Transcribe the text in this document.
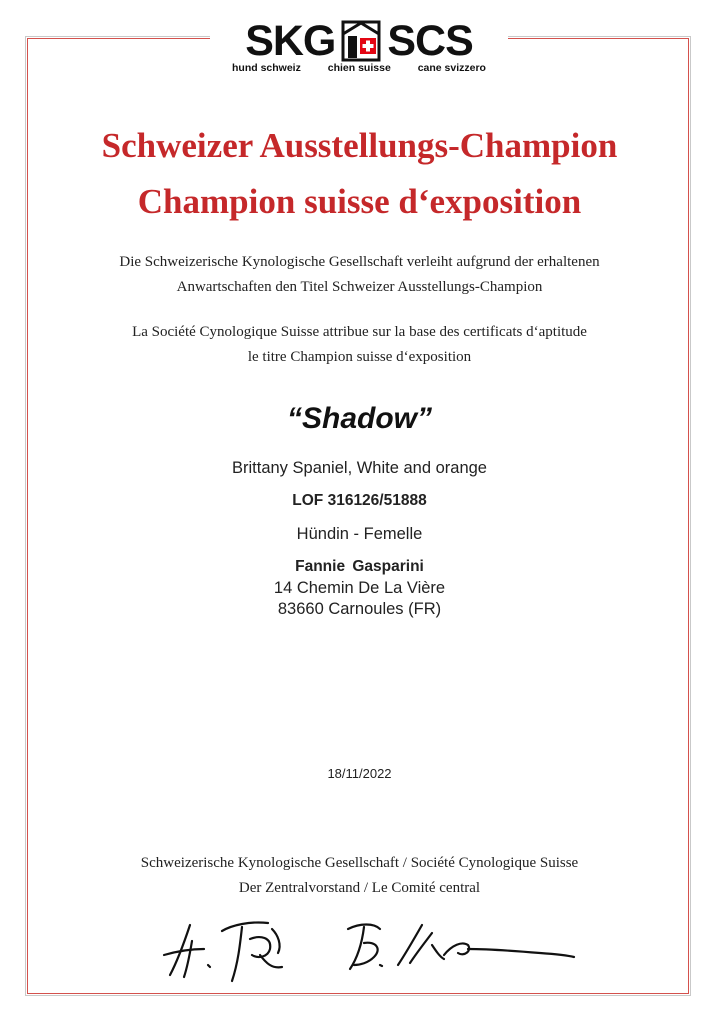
SKG SCS
hund schweiz	chien suisse	cane svizzero
Schweizer Ausstellungs-Champion
Champion suisse d‘exposition
Die Schweizerische Kynologische Gesellschaft verleiht aufgrund der erhaltenen
Anwartschaften den Titel Schweizer Ausstellungs-Champion
La Société Cynologique Suisse attribue sur la base des certificats d‘aptitude
le titre Champion suisse d‘exposition
“Shadow”
Brittany Spaniel, White and orange
LOF 316126/51888
Hündin - Femelle
Fannie Gasparini
14 Chemin De La Vière
83660 Carnoules (FR)
18/11/2022
Schweizerische Kynologische Gesellschaft / Société Cynologique Suisse
Der Zentralvorstand / Le Comité central
